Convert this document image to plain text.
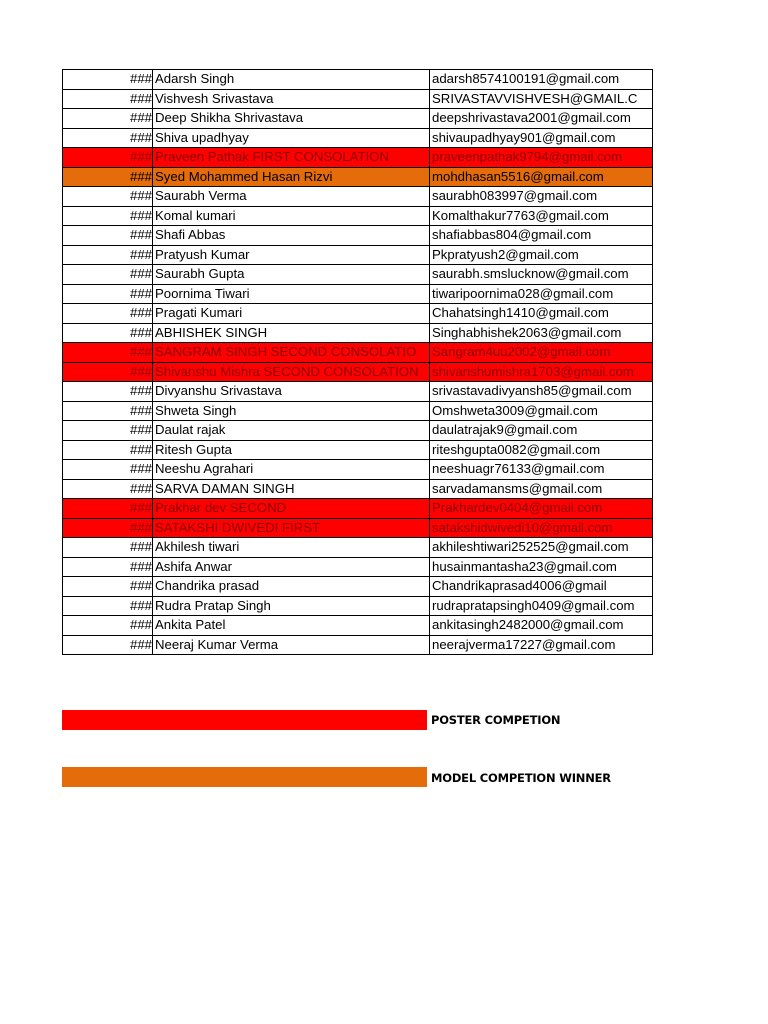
###	Adarsh Singh	adarsh8574100191@gmail.com
###	Vishvesh Srivastava	SRIVASTAVVISHVESH@GMAIL.C
###	Deep Shikha Shrivastava	deepshrivastava2001@gmail.com
###	Shiva upadhyay	shivaupadhyay901@gmail.com
###	Praveen Pathak FIRST CONSOLATION	praveenpathak9794@gmail.com
###	Syed Mohammed Hasan Rizvi	mohdhasan5516@gmail.com
###	Saurabh Verma	saurabh083997@gmail.com
###	Komal kumari	Komalthakur7763@gmail.com
###	Shafi Abbas	shafiabbas804@gmail.com
###	Pratyush Kumar	Pkpratyush2@gmail.com
###	Saurabh Gupta	saurabh.smslucknow@gmail.com
###	Poornima Tiwari	tiwaripoornima028@gmail.com
###	Pragati Kumari	Chahatsingh1410@gmail.com
###	ABHISHEK SINGH	Singhabhishek2063@gmail.com
###	SANGRAM SINGH SECOND CONSOLATIO	Sangram4uu2002@gmail.com
###	Shivanshu Mishra SECOND CONSOLATION	shivanshumishra1703@gmail.com
###	Divyanshu Srivastava	srivastavadivyansh85@gmail.com
###	Shweta Singh	Omshweta3009@gmail.com
###	Daulat rajak	daulatrajak9@gmail.com
###	Ritesh Gupta	riteshgupta0082@gmail.com
###	Neeshu Agrahari	neeshuagr76133@gmail.com
###	SARVA DAMAN SINGH	sarvadamansms@gmail.com
###	Prakhar dev SECOND	Prakhardev0404@gmail.com
###	SATAKSHI DWIVEDI FIRST	satakshidwivedi10@gmail.com
###	Akhilesh tiwari	akhileshtiwari252525@gmail.com
###	Ashifa Anwar	husainmantasha23@gmail.com
###	Chandrika prasad	Chandrikaprasad4006@gmail
###	Rudra Pratap Singh	rudrapratapsingh0409@gmail.com
###	Ankita Patel	ankitasingh2482000@gmail.com
###	Neeraj Kumar Verma	neerajverma17227@gmail.com
POSTER COMPETION
MODEL COMPETION WINNER
